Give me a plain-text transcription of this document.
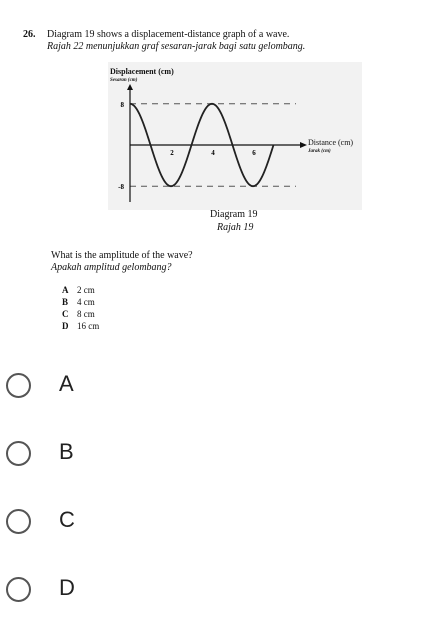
26. Diagram 19 shows a displacement-distance graph of a wave.
Rajah 22 menunjukkan graf sesaran-jarak bagi satu gelombang.
8
-8
2	4	6
Displacement (cm)
Sesaran (cm)
Distance (cm)
Jarak (cm)
Diagram 19
Rajah 19
What is the amplitude of the wave?
Apakah amplitud gelombang?
A 2 cm
B 4 cm
C 8 cm
D 16 cm
A
B
C
D
